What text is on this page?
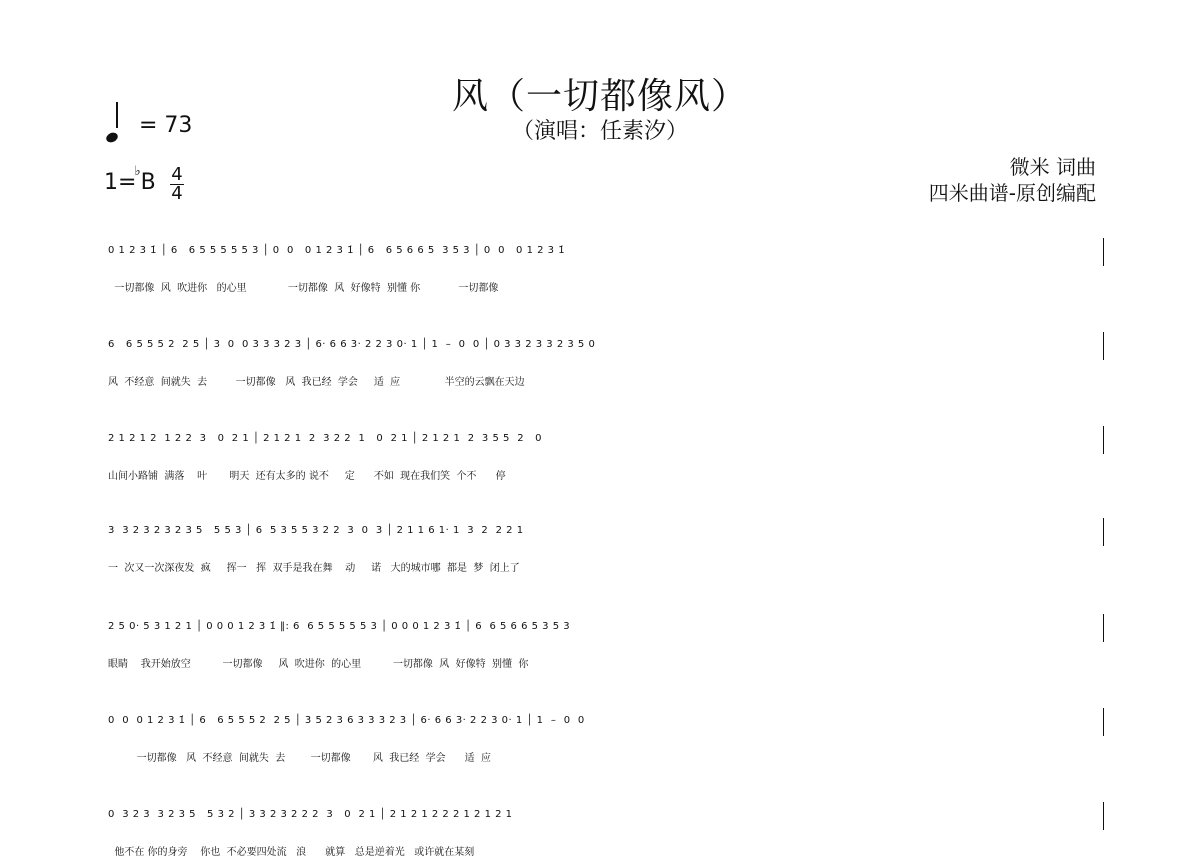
风（一切都像风）
（演唱：任素汐）
= 73
1=♭B 4
4
微米 词曲
四米曲谱-原创编配
0 1 2 3 1̇ │ 6   6 5 5 5 5 5 3 │ 0  0   0 1 2 3 1̇ │ 6   6 5 6 6 5  3 5 3 │ 0  0   0 1 2 3 1̇
一切都像  风  吹进你   的心里             一切都像  风  好像特  别懂 你            一切都像
6   6 5 5 5 2  2 5 │ 3  0  0 3 3 3 2 3 │ 6· 6 6 3· 2 2 3 0· 1 │ 1  –  0  0 │ 0 3 3 2 3 3 2 3 5 0
风  不经意  间就失  去         一切都像   风  我已经  学会     适  应              半空的云飘在天边
2 1 2 1 2  1 2 2  3   0  2 1 │ 2 1 2 1  2  3 2 2  1   0  2 1 │ 2 1 2 1  2  3 5 5  2   0
山间小路铺  满落    叶       明天  还有太多的 说不     定      不如  现在我们笑  个不      停
3  3 2 3 2 3 2 3 5   5 5 3 │ 6  5 3 5 5 3 2 2  3  0  3 │ 2 1 1 6 1· 1  3  2  2 2 1
一  次又一次深夜发  疯     挥一   挥  双手是我在舞    动     诺   大的城市哪  都是  梦  闭上了
2 5 0· 5 3 1 2 1 │ 0 0 0 1 2 3 1̇ ‖: 6  6 5 5 5 5 5 3 │ 0 0 0 1 2 3 1̇ │ 6  6 5 6 6 5 3 5 3
眼睛    我开始放空          一切都像     风  吹进你  的心里          一切都像  风  好像特  别懂  你
0  0  0 1 2 3 1̇ │ 6   6 5 5 5 2  2 5 │ 3 5 2 3 6 3 3 3 2 3 │ 6· 6 6 3· 2 2 3 0· 1 │ 1  –  0  0
一切都像   风  不经意  间就失  去        一切都像       风  我已经  学会      适  应
0  3 2 3  3 2 3 5   5 3 2 │ 3 3 2 3 2 2 2  3   0  2 1 │ 2 1 2 1 2 2 2 1 2 1 2 1
他不在 你的身旁    你也  不必要四处流   浪      就算   总是逆着光   或许就在某刻
